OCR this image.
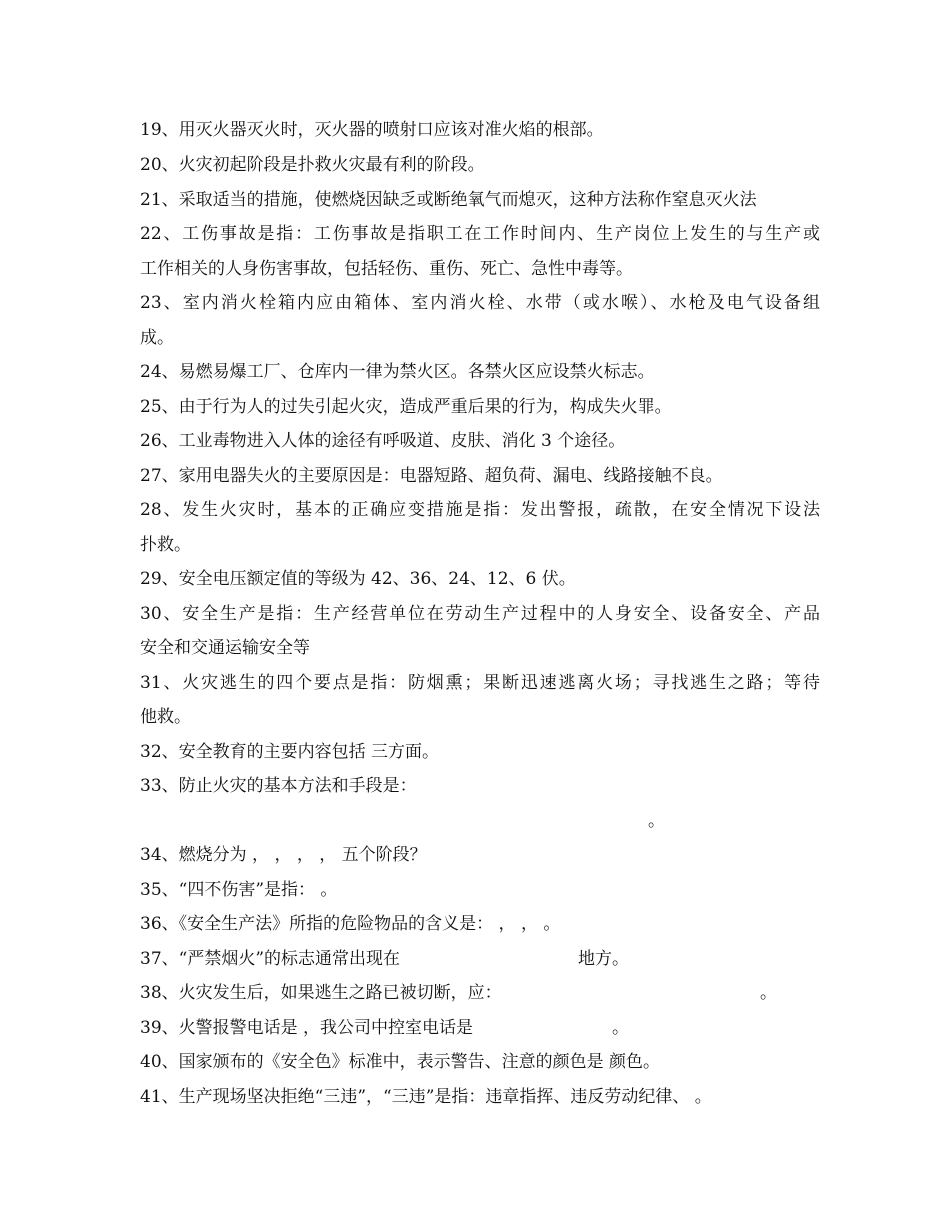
19、用灭火器灭火时，灭火器的喷射口应该对准火焰的根部。
20、火灾初起阶段是扑救火灾最有利的阶段。
21、采取适当的措施，使燃烧因缺乏或断绝氧气而熄灭，这种方法称作窒息灭火法
22、工伤事故是指：工伤事故是指职工在工作时间内、生产岗位上发生的与生产或
工作相关的人身伤害事故，包括轻伤、重伤、死亡、急性中毒等。
23、室内消火栓箱内应由箱体、室内消火栓、水带（或水喉）、水枪及电气设备组
成。
24、易燃易爆工厂、仓库内一律为禁火区。各禁火区应设禁火标志。
25、由于行为人的过失引起火灾，造成严重后果的行为，构成失火罪。
26、工业毒物进入人体的途径有呼吸道、皮肤、消化 3 个途径。
27、家用电器失火的主要原因是：电器短路、超负荷、漏电、线路接触不良。
28、发生火灾时，基本的正确应变措施是指：发出警报，疏散，在安全情况下设法
扑救。
29、安全电压额定值的等级为 42、36、24、12、6 伏。
30、安全生产是指：生产经营单位在劳动生产过程中的人身安全、设备安全、产品
安全和交通运输安全等
31、火灾逃生的四个要点是指：防烟熏；果断迅速逃离火场；寻找逃生之路；等待
他救。
32、安全教育的主要内容包括 三方面。
33、防止火灾的基本方法和手段是：
。
34、燃烧分为 ， ， ， ， 五个阶段？
35、“四不伤害”是指： 。
36、《安全生产法》所指的危险物品的含义是： ， ， 。
37、“严禁烟火”的标志通常出现在	地方。
38、火灾发生后，如果逃生之路已被切断，应：	。
39、火警报警电话是 ，我公司中控室电话是	。
40、国家颁布的《安全色》标准中，表示警告、注意的颜色是 颜色。
41、生产现场坚决拒绝“三违”，“三违”是指：违章指挥、违反劳动纪律、 。
